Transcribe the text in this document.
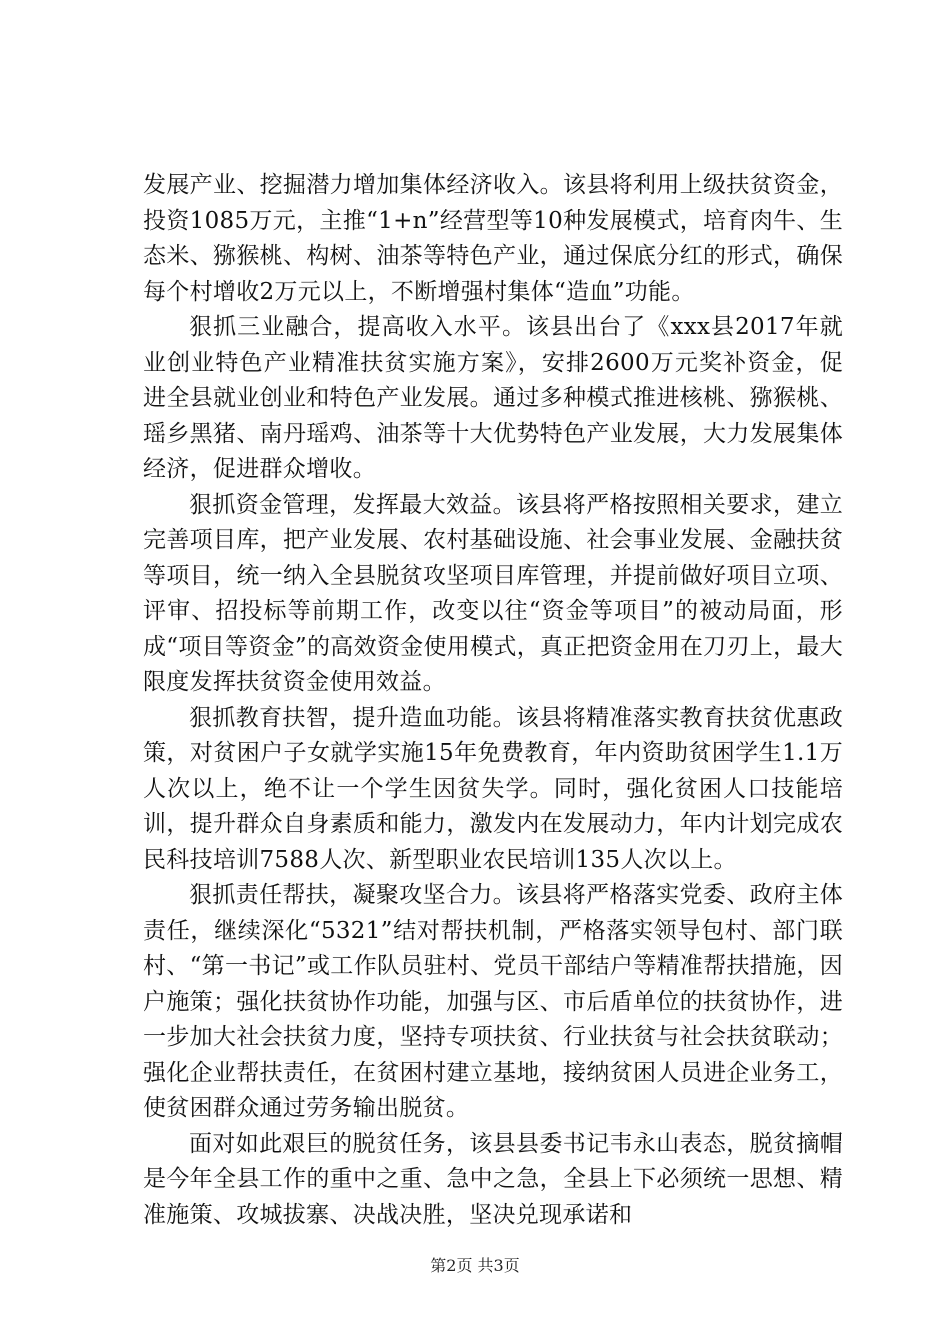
发展产业、挖掘潜力增加集体经济收入。该县将利用上级扶贫资金，投资1085万元，主推“1+n”经营型等10种发展模式，培育肉牛、生态米、猕猴桃、构树、油茶等特色产业，通过保底分红的形式，确保每个村增收2万元以上，不断增强村集体“造血”功能。

狠抓三业融合，提高收入水平。该县出台了《xxx县2017年就业创业特色产业精准扶贫实施方案》，安排2600万元奖补资金，促进全县就业创业和特色产业发展。通过多种模式推进核桃、猕猴桃、瑶乡黑猪、南丹瑶鸡、油茶等十大优势特色产业发展，大力发展集体经济，促进群众增收。

狠抓资金管理，发挥最大效益。该县将严格按照相关要求，建立完善项目库，把产业发展、农村基础设施、社会事业发展、金融扶贫等项目，统一纳入全县脱贫攻坚项目库管理，并提前做好项目立项、评审、招投标等前期工作，改变以往“资金等项目”的被动局面，形成“项目等资金”的高效资金使用模式，真正把资金用在刀刃上，最大限度发挥扶贫资金使用效益。

狠抓教育扶智，提升造血功能。该县将精准落实教育扶贫优惠政策，对贫困户子女就学实施15年免费教育，年内资助贫困学生1.1万人次以上，绝不让一个学生因贫失学。同时，强化贫困人口技能培训，提升群众自身素质和能力，激发内在发展动力，年内计划完成农民科技培训7588人次、新型职业农民培训135人次以上。

狠抓责任帮扶，凝聚攻坚合力。该县将严格落实党委、政府主体责任，继续深化“5321”结对帮扶机制，严格落实领导包村、部门联村、“第一书记”或工作队员驻村、党员干部结户等精准帮扶措施，因户施策；强化扶贫协作功能，加强与区、市后盾单位的扶贫协作，进一步加大社会扶贫力度，坚持专项扶贫、行业扶贫与社会扶贫联动；强化企业帮扶责任，在贫困村建立基地，接纳贫困人员进企业务工，使贫困群众通过劳务输出脱贫。

面对如此艰巨的脱贫任务，该县县委书记韦永山表态，脱贫摘帽是今年全县工作的重中之重、急中之急，全县上下必须统一思想、精准施策、攻城拔寨、决战决胜，坚决兑现承诺和

第2页 共3页
